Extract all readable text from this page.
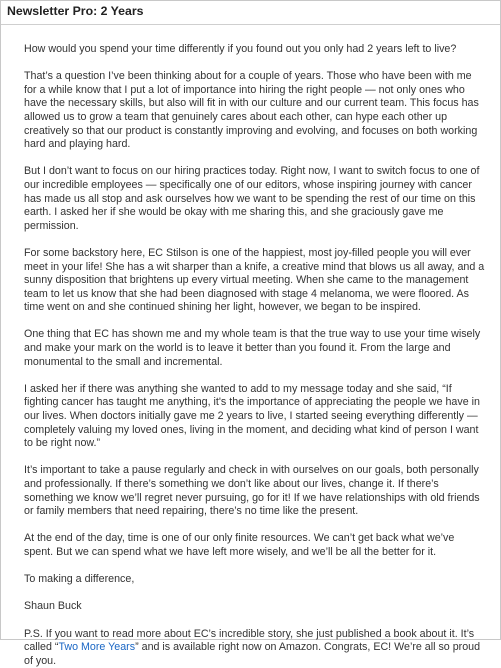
Newsletter Pro: 2 Years

How would you spend your time differently if you found out you only had 2 years left to live?

That’s a question I’ve been thinking about for a couple of years. Those who have been with me for a while know that I put a lot of importance into hiring the right people — not only ones who have the necessary skills, but also will fit in with our culture and our current team. This focus has allowed us to grow a team that genuinely cares about each other, can hype each other up creatively so that our product is constantly improving and evolving, and focuses on both working hard and playing hard.

But I don’t want to focus on our hiring practices today. Right now, I want to switch focus to one of our incredible employees — specifically one of our editors, whose inspiring journey with cancer has made us all stop and ask ourselves how we want to be spending the rest of our time on this earth. I asked her if she would be okay with me sharing this, and she graciously gave me permission.

For some backstory here, EC Stilson is one of the happiest, most joy-filled people you will ever meet in your life! She has a wit sharper than a knife, a creative mind that blows us all away, and a sunny disposition that brightens up every virtual meeting. When she came to the management team to let us know that she had been diagnosed with stage 4 melanoma, we were floored. As time went on and she continued shining her light, however, we began to be inspired.

One thing that EC has shown me and my whole team is that the true way to use your time wisely and make your mark on the world is to leave it better than you found it. From the large and monumental to the small and incremental.

I asked her if there was anything she wanted to add to my message today and she said, “If fighting cancer has taught me anything, it's the importance of appreciating the people we have in our lives. When doctors initially gave me 2 years to live, I started seeing everything differently — completely valuing my loved ones, living in the moment, and deciding what kind of person I want to be right now.”

It’s important to take a pause regularly and check in with ourselves on our goals, both personally and professionally. If there’s something we don’t like about our lives, change it. If there’s something we know we’ll regret never pursuing, go for it! If we have relationships with old friends or family members that need repairing, there’s no time like the present.

At the end of the day, time is one of our only finite resources. We can’t get back what we’ve spent. But we can spend what we have left more wisely, and we’ll be all the better for it.

To making a difference,

Shaun Buck

P.S. If you want to read more about EC’s incredible story, she just published a book about it. It’s called “Two More Years” and is available right now on Amazon. Congrats, EC! We’re all so proud of you.
